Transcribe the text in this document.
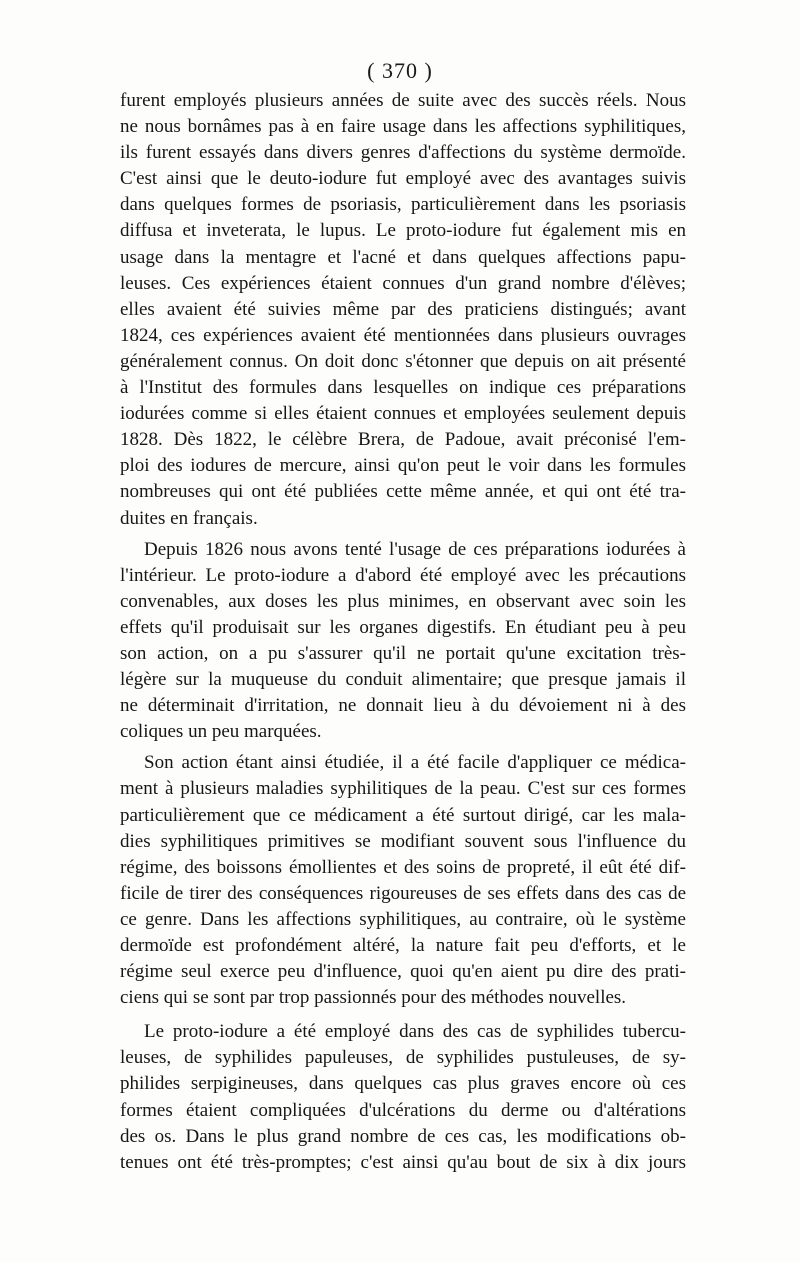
( 370 )
furent employés plusieurs années de suite avec des succès réels. Nous
ne nous bornâmes pas à en faire usage dans les affections syphilitiques,
ils furent essayés dans divers genres d'affections du système dermoïde.
C'est ainsi que le deuto-iodure fut employé avec des avantages suivis
dans quelques formes de psoriasis, particulièrement dans les psoriasis
diffusa et inveterata, le lupus. Le proto-iodure fut également mis en
usage dans la mentagre et l'acné et dans quelques affections papu-
leuses. Ces expériences étaient connues d'un grand nombre d'élèves;
elles avaient été suivies même par des praticiens distingués; avant
1824, ces expériences avaient été mentionnées dans plusieurs ouvrages
généralement connus. On doit donc s'étonner que depuis on ait présenté
à l'Institut des formules dans lesquelles on indique ces préparations
iodurées comme si elles étaient connues et employées seulement depuis
1828. Dès 1822, le célèbre Brera, de Padoue, avait préconisé l'em-
ploi des iodures de mercure, ainsi qu'on peut le voir dans les formules
nombreuses qui ont été publiées cette même année, et qui ont été tra-
duites en français.
Depuis 1826 nous avons tenté l'usage de ces préparations iodurées à
l'intérieur. Le proto-iodure a d'abord été employé avec les précautions
convenables, aux doses les plus minimes, en observant avec soin les
effets qu'il produisait sur les organes digestifs. En étudiant peu à peu
son action, on a pu s'assurer qu'il ne portait qu'une excitation très-
légère sur la muqueuse du conduit alimentaire; que presque jamais il
ne déterminait d'irritation, ne donnait lieu à du dévoiement ni à des
coliques un peu marquées.
Son action étant ainsi étudiée, il a été facile d'appliquer ce médica-
ment à plusieurs maladies syphilitiques de la peau. C'est sur ces formes
particulièrement que ce médicament a été surtout dirigé, car les mala-
dies syphilitiques primitives se modifiant souvent sous l'influence du
régime, des boissons émollientes et des soins de propreté, il eût été dif-
ficile de tirer des conséquences rigoureuses de ses effets dans des cas de
ce genre. Dans les affections syphilitiques, au contraire, où le système
dermoïde est profondément altéré, la nature fait peu d'efforts, et le
régime seul exerce peu d'influence, quoi qu'en aient pu dire des prati-
ciens qui se sont par trop passionnés pour des méthodes nouvelles.
Le proto-iodure a été employé dans des cas de syphilides tubercu-
leuses, de syphilides papuleuses, de syphilides pustuleuses, de sy-
philides serpigineuses, dans quelques cas plus graves encore où ces
formes étaient compliquées d'ulcérations du derme ou d'altérations
des os. Dans le plus grand nombre de ces cas, les modifications ob-
tenues ont été très-promptes; c'est ainsi qu'au bout de six à dix jours
